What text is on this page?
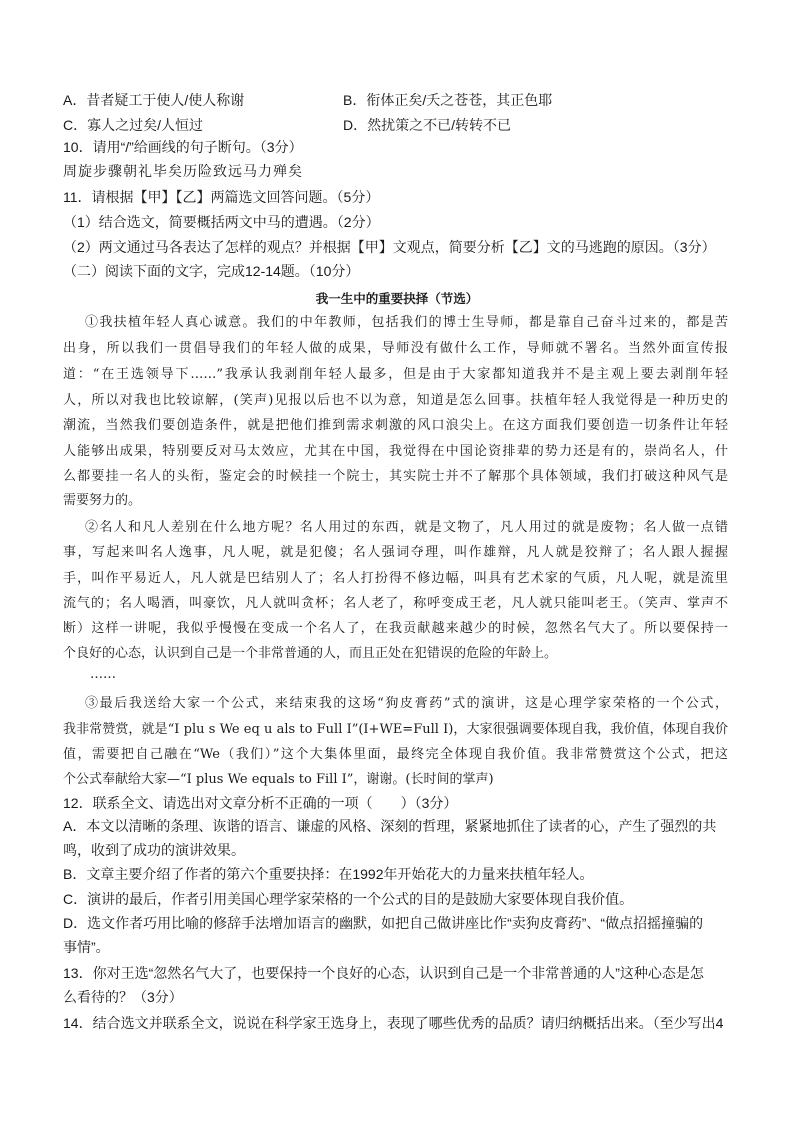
A．昔者疑工于使人/使人称谢	B．衔体正矣/夭之苍苍，其正色耶
C．寡人之过矣/人恒过	D．然扰策之不已/转转不已
10．请用“/”给画线的句子断句。（3分）
周旋步骤朝礼毕矣历险致远马力殚矣
11．请根据【甲】【乙】两篇选文回答问题。（5分）
（1）结合选文，简要概括两文中马的遭遇。（2分）
（2）两文通过马各表达了怎样的观点？并根据【甲】文观点，简要分析【乙】文的马逃跑的原因。（3分）
（二）阅读下面的文字，完成12-14题。（10分）
我一生中的重要抉择（节选）
①我扶植年轻人真心诚意。我们的中年教师，包括我们的博士生导师，都是靠自己奋斗过来的，都是苦
出身，所以我们一贯倡导我们的年轻人做的成果，导师没有做什么工作，导师就不署名。当然外面宣传报
道：“在王选领导下……”我承认我剥削年轻人最多，但是由于大家都知道我并不是主观上要去剥削年轻
人，所以对我也比较谅解，(笑声)见报以后也不以为意，知道是怎么回事。扶植年轻人我觉得是一种历史的
潮流，当然我们要创造条件，就是把他们推到需求刺激的风口浪尖上。在这方面我们要创造一切条件让年轻
人能够出成果，特别要反对马太效应，尤其在中国，我觉得在中国论资排辈的势力还是有的，崇尚名人，什
么都要挂一名人的头衔，鉴定会的时候挂一个院士，其实院士并不了解那个具体领域，我们打破这种风气是
需要努力的。
②名人和凡人差别在什么地方呢？名人用过的东西，就是文物了，凡人用过的就是废物；名人做一点错
事，写起来叫名人逸事，凡人呢，就是犯傻；名人强词夺理，叫作雄辩，凡人就是狡辩了；名人跟人握握
手，叫作平易近人，凡人就是巴结别人了；名人打扮得不修边幅，叫具有艺术家的气质，凡人呢，就是流里
流气的；名人喝酒，叫豪饮，凡人就叫贪杯；名人老了，称呼变成王老，凡人就只能叫老王。（笑声、掌声不
断）这样一讲呢，我似乎慢慢在变成一个名人了，在我贡献越来越少的时候，忽然名气大了。所以要保持一
个良好的心态，认识到自己是一个非常普通的人，而且正处在犯错误的危险的年龄上。
……
③最后我送给大家一个公式，来结束我的这场“狗皮膏药”式的演讲，这是心理学家荣格的一个公式，
我非常赞赏，就是“I plu s We eq u als to Full I”(I+WE=Full I)，大家很强调要体现自我，我价值，体现自我价
值，需要把自己融在“We（我们）”这个大集体里面，最终完全体现自我价值。我非常赞赏这个公式，把这
个公式奉献给大家—“I plus We equals to Fill I”，谢谢。(长时间的掌声)
12．联系全文、请选出对文章分析不正确的一项（　　）（3分）
A．本文以清晰的条理、诙谐的语言、谦虚的风格、深刻的哲理，紧紧地抓住了读者的心，产生了强烈的共
鸣，收到了成功的演讲效果。
B．文章主要介绍了作者的第六个重要抉择：在1992年开始花大的力量来扶植年轻人。
C．演讲的最后，作者引用美国心理学家荣格的一个公式的目的是鼓励大家要体现自我价值。
D．选文作者巧用比喻的修辞手法增加语言的幽默，如把自己做讲座比作“卖狗皮膏药”、“做点招摇撞骗的
事情”。
13．你对王选“忽然名气大了，也要保持一个良好的心态，认识到自己是一个非常普通的人”这种心态是怎
么看待的？（3分）
14．结合选文并联系全文，说说在科学家王选身上，表现了哪些优秀的品质？请归纳概括出来。（至少写出4
